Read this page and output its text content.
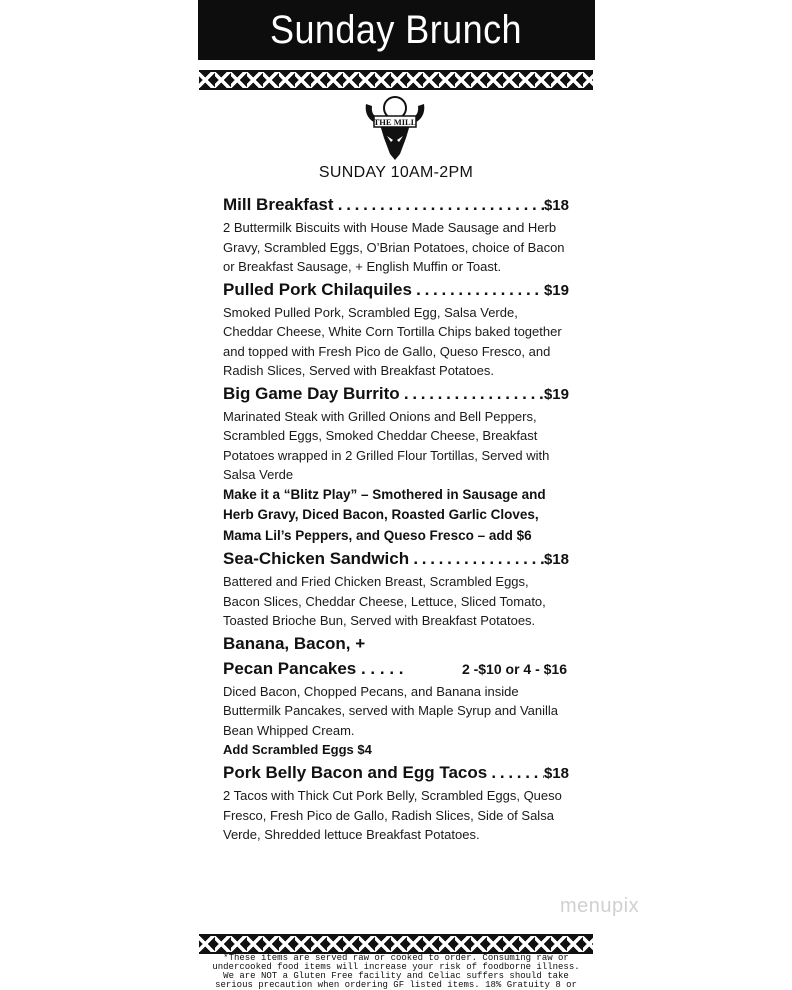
Sunday Brunch
THE MILL
SUNDAY 10AM-2PM
Mill Breakfast . . .	$18
2 Buttermilk Biscuits with House Made Sausage and Herb Gravy, Scrambled Eggs, O’Brian Potatoes, choice of Bacon or Breakfast Sausage, + English Muffin or Toast.
Pulled Pork Chilaquiles . . .	$19
Smoked Pulled Pork, Scrambled Egg, Salsa Verde, Cheddar Cheese, White Corn Tortilla Chips baked together and topped with Fresh Pico de Gallo, Queso Fresco, and Radish Slices, Served with Breakfast Potatoes.
Big Game Day Burrito . . .	$19
Marinated Steak with Grilled Onions and Bell Peppers, Scrambled Eggs, Smoked Cheddar Cheese, Breakfast Potatoes wrapped in 2 Grilled Flour Tortillas, Served with Salsa Verde
Make it a “Blitz Play” – Smothered in Sausage and Herb Gravy, Diced Bacon, Roasted Garlic Cloves, Mama Lil’s Peppers, and Queso Fresco – add $6
Sea-Chicken Sandwich . . .	$18
Battered and Fried Chicken Breast, Scrambled Eggs, Bacon Slices, Cheddar Cheese, Lettuce, Sliced Tomato, Toasted Brioche Bun, Served with Breakfast Potatoes.
Banana, Bacon, +
Pecan Pancakes . . .	2 -$10 or 4 - $16
Diced Bacon, Chopped Pecans, and Banana inside Buttermilk Pancakes, served with Maple Syrup and Vanilla Bean Whipped Cream.
Add Scrambled Eggs $4
Pork Belly Bacon and Egg Tacos . . .	$18
2 Tacos with Thick Cut Pork Belly, Scrambled Eggs, Queso Fresco, Fresh Pico de Gallo, Radish Slices, Side of Salsa Verde, Shredded lettuce Breakfast Potatoes.
menupix
*These items are served raw or cooked to order. Consuming raw or
undercooked food items will increase your risk of foodborne illness.
We are NOT a Gluten Free facility and Celiac suffers should take
serious precaution when ordering GF listed items. 18% Gratuity 8 or
